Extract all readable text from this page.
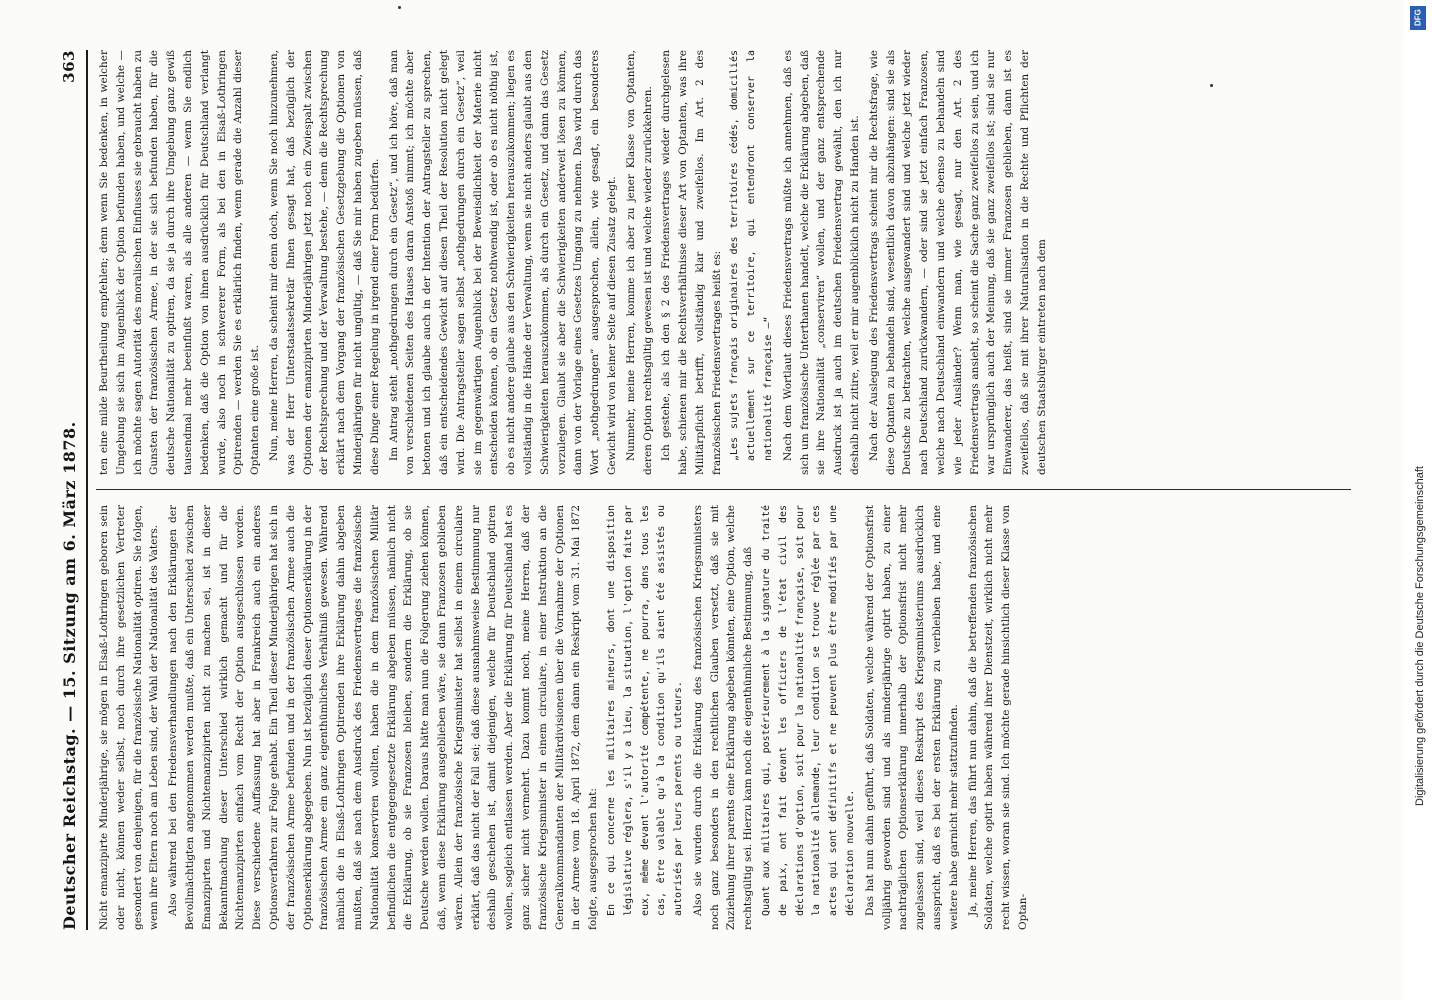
Deutscher Reichstag. — 15. Sitzung am 6. März 1878.
363

Nicht emanzipirte Minderjährige, sie mögen in Elsaß-Lothringen geboren sein oder nicht, können weder selbst, noch durch ihre gesetzlichen Vertreter gesondert von denjenigen, für die französische Nationalität optiren. Sie folgen, wenn ihre Eltern noch am Leben sind, der Wahl der Nationalität des Vaters. Also während bei den Friedensverhandlungen nach den Erklärungen der Bevollmächtigten angenommen werden mußte, daß ein Unterschied zwischen Emanzipirten und Nichtemanzipirten nicht zu machen sei, ist in dieser Bekanntmachung dieser Unterschied wirklich gemacht und für die Nichtemanzipirten einfach vom Recht der Option ausgeschlossen worden. Diese verschiedene Auffassung hat aber in Frankreich auch ein anderes Optionsverfahren zur Folge gehabt. Ein Theil dieser Minderjährigen hat sich in der französischen Armee befunden und in der französischen Armee auch die Optionserklärung abgegeben. Nun ist bezüglich dieser Optionserklärung in der französischen Armee ein ganz eigenthümliches Verhältniß gewesen. Während nämlich die in Elsaß-Lothringen Optirenden ihre Erklärung dahin abgeben mußten, daß sie nach dem Ausdruck des Friedensvertrages die französische Nationalität konserviren wollten, haben die in dem französischen Militär befindlichen die entgegengesetzte Erklärung abgeben müssen, nämlich nicht die Erklärung, ob sie Franzosen bleiben, sondern die Erklärung, ob sie Deutsche werden wollen. Daraus hätte man nun die Folgerung ziehen können, daß, wenn diese Erklärung ausgeblieben wäre, sie dann Franzosen geblieben wären. Allein der französische Kriegsminister hat selbst in einem circulaire erklärt, daß das nicht der Fall sei; daß diese ausnahmsweise Bestimmung nur deshalb geschehen ist, damit diejenigen, welche für Deutschland optiren wollen, sogleich entlassen werden. Aber die Erklärung für Deutschland hat es ganz sicher nicht vermehrt. Dazu kommt noch, meine Herren, daß der französische Kriegsminister in einem circulaire, in einer Instruktion an die Generalkommandanten der Militärdivisionen über die Vornahme der Optionen in der Armee vom 18. April 1872, dem dann ein Reskript vom 31. Mai 1872 folgte, ausgesprochen hat: En ce qui concerne les militaires mineurs, dont une disposition législative réglera, s'il y a lieu, la situation, l'option faite par eux, même devant l'autorité compétente, ne pourra, dans tous les cas, être valable qu'à la condition qu'ils aient été assistés ou autorisés par leurs parents ou tuteurs. Also sie wurden durch die Erklärung des französischen Kriegsministers noch ganz besonders in den rechtlichen Glauben versetzt, daß sie mit Zuziehung ihrer parents eine Erklärung abgeben könnten, eine Option, welche rechtsgültig sei. Hierzu kam noch die eigenthümliche Bestimmung, daß Quant aux militaires qui, postérieurement à la signature du traité de paix, ont fait devant les officiers de l'état civil des déclarations d'option, soit pour la nationalité française, soit pour la nationalité allemande, leur condition se trouve réglée par ces actes qui sont définitifs et ne peuvent plus être modifiés par une déclaration nouvelle. Das hat nun dahin geführt, daß Soldaten, welche während der Optionsfrist volljährig geworden sind und als minderjährige optirt haben, zu einer nachträglichen Optionserklärung innerhalb der Optionsfrist nicht mehr zugelassen sind, weil dieses Reskript des Kriegsministeriums ausdrücklich ausspricht, daß es bei der ersten Erklärung zu verbleiben habe, und eine weitere habe garnicht mehr stattzufinden. Ja, meine Herren, das führt nun dahin, daß die betreffenden französischen Soldaten, welche optirt haben während ihrer Dienstzeit, wirklich nicht mehr recht wissen, woran sie sind. Ich möchte gerade hinsichtlich dieser Klasse von Optan-

ten eine milde Beurtheilung empfehlen; denn wenn Sie bedenken, in welcher Umgebung sie sich im Augenblick der Option befunden haben, und welche — ich möchte sagen Autorität des moralischen Einflusses sie gebraucht haben zu Gunsten der französischen Armee, in der sie sich befunden haben, für die deutsche Nationalität zu optiren, da sie ja durch ihre Umgebung ganz gewiß tausendmal mehr beeinflußt waren, als alle anderen — wenn Sie endlich bedenken, daß die Option von ihnen ausdrücklich für Deutschland verlangt wurde, also noch in schwererer Form, als bei den in Elsaß-Lothringen Optirenden — werden Sie es erklärlich finden, wenn gerade die Anzahl dieser Optanten eine große ist. Nun, meine Herren, da scheint mir denn doch, wenn Sie noch hinzunehmen, was der Herr Unterstaatssekretär Ihnen gesagt hat, daß bezüglich der Optionen der emanzipirten Minderjährigen jetzt noch ein Zwiespalt zwischen der Rechtsprechung und der Verwaltung bestehe, — denn die Rechtsprechung erklärt nach dem Vorgang der französischen Gesetzgebung die Optionen von Minderjährigen für nicht ungültig, — daß Sie mir haben zugeben müssen, daß diese Dinge einer Regelung in irgend einer Form bedürfen. Im Antrag steht „nothgedrungen durch ein Gesetz“, und ich höre, daß man von verschiedenen Seiten des Hauses daran Anstoß nimmt; ich möchte aber betonen und ich glaube auch in der Intention der Antragsteller zu sprechen, daß ein entscheidendes Gewicht auf diesen Theil der Resolution nicht gelegt wird. Die Antragsteller sagen selbst „nothgedrungen durch ein Gesetz“, weil sie im gegenwärtigen Augenblick bei der Beweisdlichkeit der Materie nicht entscheiden können, ob ein Gesetz nothwendig ist, oder ob es nicht nöthig ist, ob es nicht andere glaube aus den Schwierigkeiten herauszukommen; liegen es vollständig in die Hände der Verwaltung, wenn sie nicht anders glaubt aus den Schwierigkeiten herauszukommen, als durch ein Gesetz, und dann das Gesetz vorzulegen. Glaubt sie aber die Schwierigkeiten anderweit lösen zu können, dann von der Vorlage eines Gesetzes Umgang zu nehmen. Das wird durch das Wort „nothgedrungen“ ausgesprochen, allein, wie gesagt, ein besonderes Gewicht wird von keiner Seite auf diesen Zusatz gelegt. Nunmehr, meine Herren, komme ich aber zu jener Klasse von Optanten, deren Option rechtsgültig gewesen ist und welche wieder zurückkehren. Ich gestehe, als ich den § 2 des Friedensvertrages wieder durchgelesen habe, schienen mir die Rechtsverhältnisse dieser Art von Optanten, was ihre Militärpflicht betrifft, vollständig klar und zweifellos. Im Art. 2 des französischen Friedensvertrages heißt es: „Les sujets français originaires des territoires cédés, domiciliés actuellement sur ce territoire, qui entendront conserver la nationalité française —“ Nach dem Wortlaut dieses Friedensvertrags müßte ich annehmen, daß es sich um französische Unterthanen handelt, welche die Erklärung abgeben, daß sie ihre Nationalität „conserviren“ wollen, und der ganz entsprechende Ausdruck ist ja auch im deutschen Friedensvertrag gewählt, den ich nur deshalb nicht zitire, weil er mir augenblicklich nicht zu Handen ist. Nach der Auslegung des Friedensvertrags scheint mir die Rechtsfrage, wie diese Optanten zu behandeln sind, wesentlich davon abzuhängen: sind sie als Deutsche zu betrachten, welche ausgewandert sind und welche jetzt wieder nach Deutschland zurückwandern, — oder sind sie jetzt einfach Franzosen, welche nach Deutschland einwandern und welche ebenso zu behandeln sind wie jeder Ausländer? Wenn man, wie gesagt, nur den Art. 2 des Friedensvertrags ansieht, so scheint die Sache ganz zweifellos zu sein, und ich war ursprünglich auch der Meinung, daß sie ganz zweifellos ist; sind sie nur Einwanderer, das heißt, sind sie immer Franzosen geblieben, dann ist es zweifellos, daß sie mit ihrer Naturalisation in die Rechte und Pflichten der deutschen Staatsbürger eintreten nach dem

DFG
Digitalisierung gefördert durch die Deutsche Forschungsgemeinschaft
